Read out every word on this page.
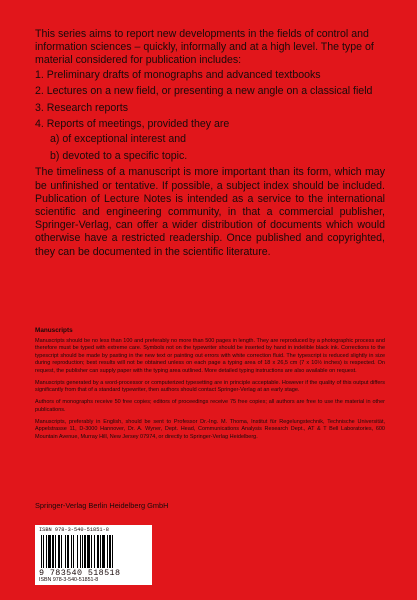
This series aims to report new developments in the fields of control and information sciences – quickly, informally and at a high level. The type of material considered for publication includes:

1. Preliminary drafts of monographs and advanced textbooks
2. Lectures on a new field, or presenting a new angle on a classical field
3. Research reports
4. Reports of meetings, provided they are
a) of exceptional interest and
b) devoted to a specific topic.

The timeliness of a manuscript is more important than its form, which may be unfinished or tentative. If possible, a subject index should be included. Publication of Lecture Notes is intended as a service to the international scientific and engineering community, in that a commercial publisher, Springer-Verlag, can offer a wider distribution of documents which would otherwise have a restricted readership. Once published and copyrighted, they can be documented in the scientific literature.

Manuscripts

Manuscripts should be no less than 100 and preferably no more than 500 pages in length. They are reproduced by a photographic process and therefore must be typed with extreme care. Symbols not on the typewriter should be inserted by hand in indelible black ink. Corrections to the typescript should be made by pasting in the new text or painting out errors with white correction fluid. The typescript is reduced slightly in size during reproduction; best results will not be obtained unless on each page a typing area of 18 x 26,5 cm (7 x 10½ inches) is respected. On request, the publisher can supply paper with the typing area outlined. More detailed typing instructions are also available on request.

Manuscripts generated by a word-processor or computerized typesetting are in principle acceptable. However if the quality of this output differs significantly from that of a standard typewriter, then authors should contact Springer-Verlag at an early stage.

Authors of monographs receive 50 free copies; editors of proceedings receive 75 free copies; all authors are free to use the material in other publications.

Manuscripts, preferably in English, should be sent to Professor Dr.-Ing. M. Thoma, Institut für Regelungstechnik, Technische Universität, Appelstrasse 11, D-3000 Hannover, Dr. A. Wyner, Dept. Head, Communications Analysis Research Dept., AT & T Bell Laboratories, 600 Mountain Avenue, Murray Hill, New Jersey 07974, or directly to Springer-Verlag Heidelberg.

Springer-Verlag Berlin Heidelberg GmbH

ISBN 978-3-540-51851-8
9 783540 518518
ISBN 978-3-540-51851-8
